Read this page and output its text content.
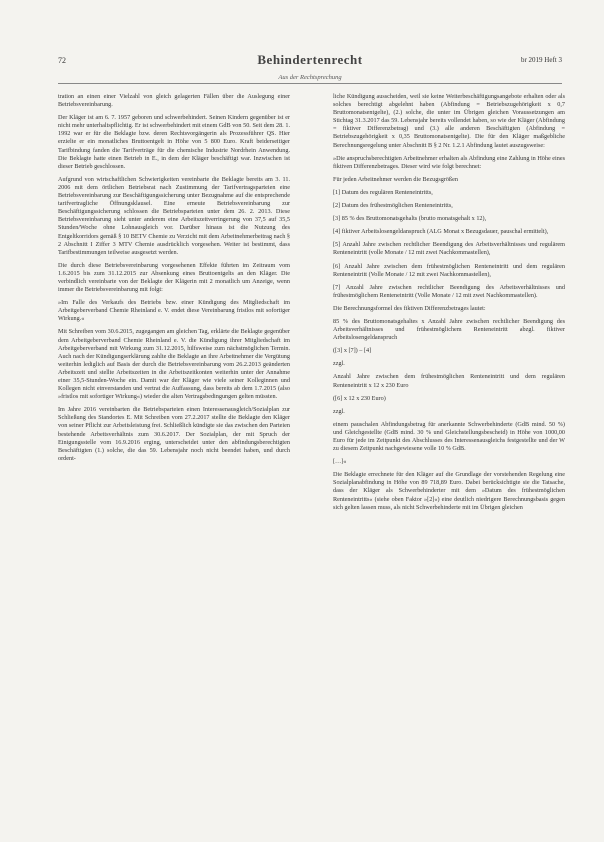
72	Behindertenrecht	br 2019 Heft 3
Aus der Rechtsprechung

tration an einen einer Vielzahl von gleich gelagerten Fällen über die Auslegung einer Betriebsvereinbarung.

Der Kläger ist am 6. 7. 1957 geboren und schwerbehindert. Seinen Kindern gegenüber ist er nicht mehr unterhaltspflichtig. Er ist schwerbehindert mit einem GdB von 50. Seit dem 28. 1. 1992 war er für die Beklagte bzw. deren Rechtsvorgängerin als Prozessführer QS. Hier erzielte er ein monatliches Bruttoentgelt in Höhe von 5 800 Euro. Kraft beiderseitiger Tarifbindung fanden die Tarifverträge für die chemische Industrie Nordrhein Anwendung. Die Beklagte hatte einen Betrieb in E., in dem der Kläger beschäftigt war. Inzwischen ist dieser Betrieb geschlossen.

Aufgrund von wirtschaftlichen Schwierigkeiten vereinbarte die Beklagte bereits am 3. 11. 2006 mit dem örtlichen Betriebsrat nach Zustimmung der Tarifvertragsparteien eine Betriebsvereinbarung zur Beschäftigungssicherung unter Bezugnahme auf die entsprechende tarifvertragliche Öffnungsklausel. Eine erneute Betriebsvereinbarung zur Beschäftigungssicherung schlossen die Betriebsparteien unter dem 26. 2. 2013. Diese Betriebsvereinbarung sieht unter anderem eine Arbeitszeitverringerung von 37,5 auf 35,5 Stunden/Woche ohne Lohnausgleich vor. Darüber hinaus ist die Nutzung des Entgeltkorridors gemäß § 10 BETV Chemie zu Verzicht mit dem Arbeitnehmerbeitrag nach § 2 Abschnitt I Ziffer 3 MTV Chemie ausdrücklich vorgesehen. Weiter ist bestimmt, dass Tarifbestimmungen teilweise ausgesetzt werden.

Die durch diese Betriebsvereinbarung vorgesehenen Effekte führten im Zeitraum vom 1.6.2015 bis zum 31.12.2015 zur Absenkung eines Bruttoentgelts an den Kläger. Die verbindlich vereinbarte von der Beklagte der Klägerin mit 2 monatlich um Anzeige, wenn immer die Betriebsvereinbarung mit folgt:

»Im Falle des Verkaufs des Betriebs bzw. einer Kündigung des Mitgliedschaft im Arbeitgeberverband Chemie Rheinland e. V. endet diese Vereinbarung fristlos mit sofortiger Wirkung.«

Mit Schreiben vom 30.6.2015, zugegangen am gleichen Tag, erklärte die Beklagte gegenüber dem Arbeitgeberverband Chemie Rheinland e. V. die Kündigung ihrer Mitgliedschaft im Arbeitgeberverband mit Wirkung zum 31.12.2015, hilfsweise zum nächstmöglichen Termin. Auch nach der Kündigungserklärung zahlte die Beklagte an ihre Arbeitnehmer die Vergütung weiterhin lediglich auf Basis der durch die Betriebsvereinbarung vom 26.2.2013 geänderten Arbeitszeit und stellte Arbeitszeiten in die Arbeitszeitkonten weiterhin unter der Annahme einer 35,5-Stunden-Woche ein. Damit war der Kläger wie viele seiner Kolleginnen und Kollegen nicht einverstanden und vertrat die Auffassung, dass bereits ab dem 1.7.2015 (also »fristlos mit sofortiger Wirkung«) wieder die alten Vertragsbedingungen gelten müssten.

Im Jahre 2016 vereinbarten die Betriebsparteien einen Interessenausgleich/Sozialplan zur Schließung des Standortes E. Mit Schreiben vom 27.2.2017 stellte die Beklagte den Kläger von seiner Pflicht zur Arbeitsleistung frei. Schließlich kündigte sie das zwischen den Parteien bestehende Arbeitsverhältnis zum 30.6.2017. Der Sozialplan, der mit Spruch der Einigungsstelle vom 16.9.2016 erging, unterscheidet unter den abfindungsberechtigten Beschäftigten (1.) solche, die das 59. Lebensjahr noch nicht beendet haben, und durch ordent-

liche Kündigung ausscheiden, weil sie keine Weiterbeschäftigungsangebote erhalten oder als solches berechtigt abgelehnt haben (Abfindung = Betriebszugehörigkeit x 0,7 Bruttomonatsentgelte), (2.) solche, die unter im Übrigen gleichen Voraussetzungen am Stichtag 31.3.2017 das 59. Lebensjahr bereits vollendet haben, so wie der Kläger (Abfindung = fiktiver Differenzbetrag) und (3.) alle anderen Beschäftigten (Abfindung = Betriebszugehörigkeit x 0,35 Bruttomonatsentgelte). Die für den Kläger maßgebliche Berechnungsregelung unter Abschnitt B § 2 Nr. 1.2.1 Abfindung lautet auszugsweise:

»Die anspruchsberechtigten Arbeitnehmer erhalten als Abfindung eine Zahlung in Höhe eines fiktiven Differenzbetrages. Dieser wird wie folgt berechnet:

Für jeden Arbeitnehmer werden die Bezugsgrößen

[1] Datum des regulären Renteneintritts,

[2] Datum des frühestmöglichen Renteneintritts,

[3] 85 % des Bruttomonatsgehalts (brutto monatsgehalt x 12),

[4] fiktiver Arbeitslosengeldanspruch (ALG Monat x Bezugsdauer, pauschal ermittelt),

[5] Anzahl Jahre zwischen rechtlicher Beendigung des Arbeitsverhältnisses und regulärem Renteneintritt (volle Monate / 12 mit zwei Nachkommastellen),

[6] Anzahl Jahre zwischen dem frühestmöglichen Renteneintritt und dem regulären Renteneintritt (Volle Monate / 12 mit zwei Nachkommastellen),

[7] Anzahl Jahre zwischen rechtlicher Beendigung des Arbeitsverhältnisses und frühestmöglichem Renteneintritt (Volle Monate / 12 mit zwei Nachkommastellen).

Die Berechnungsformel des fiktiven Differenzbetrages lautet:

85 % des Bruttomonatsgehaltes x Anzahl Jahre zwischen rechtlicher Beendigung des Arbeitsverhältnisses und frühestmöglichem Renteneintritt abzgl. fiktiver Arbeitslosengeldanspruch

([3] x [7]) – [4]

zzgl.

Anzahl Jahre zwischen dem frühestmöglichen Renteneintritt und dem regulären Renteneintritt x 12 x 230 Euro

([6] x 12 x 230 Euro)

zzgl.

einem pauschalen Abfindungsbetrag für anerkannte Schwerbehinderte (GdB mind. 50 %) und Gleichgestellte (GdB mind. 30 % und Gleichstellungsbescheid) in Höhe von 1000,00 Euro für jede im Zeitpunkt des Abschlusses des Interessenausgleichs festgestellte und der W zu diesem Zeitpunkt nachgewiesene volle 10 % GdB.

[…]«

Die Beklagte errechnete für den Kläger auf die Grundlage der vorstehenden Regelung eine Sozialplanabfindung in Höhe von 89 718,89 Euro. Dabei berücksichtigte sie die Tatsache, dass der Kläger als Schwerbehinderter mit dem »Datum des frühestmöglichen Renteneintritts« (siehe oben Faktor »[2]«) eine deutlich niedrigere Berechnungsbasis gegen sich gelten lassen muss, als nicht Schwerbehinderte mit im Übrigen gleichen
